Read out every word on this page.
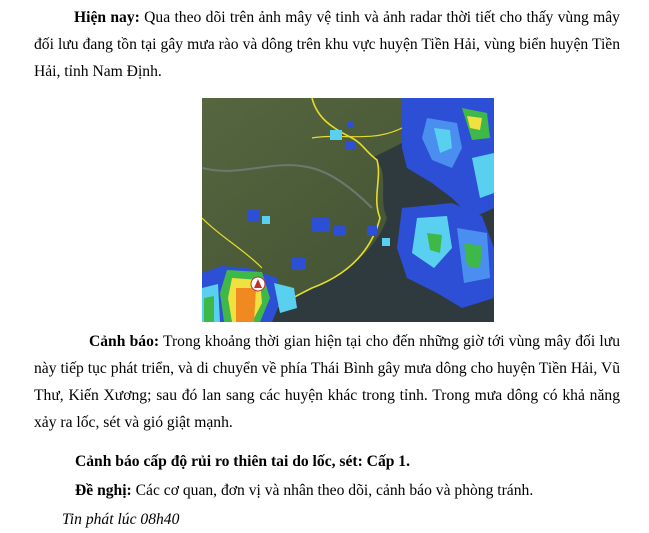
Hiện nay: Qua theo dõi trên ảnh mây vệ tinh và ảnh radar thời tiết cho thấy vùng mây đối lưu đang tồn tại gây mưa rào và dông trên khu vực huyện Tiền Hải, vùng biển huyện Tiền Hải, tỉnh Nam Định.

Cảnh báo: Trong khoảng thời gian hiện tại cho đến những giờ tới vùng mây đối lưu này tiếp tục phát triển, và di chuyển về phía Thái Bình gây mưa dông cho huyện Tiền Hải, Vũ Thư, Kiến Xương; sau đó lan sang các huyện khác trong tỉnh. Trong mưa dông có khả năng xảy ra lốc, sét và gió giật mạnh.

Cảnh báo cấp độ rủi ro thiên tai do lốc, sét: Cấp 1.
Đề nghị: Các cơ quan, đơn vị và nhân theo dõi, cảnh báo và phòng tránh.
Tin phát lúc 08h40
